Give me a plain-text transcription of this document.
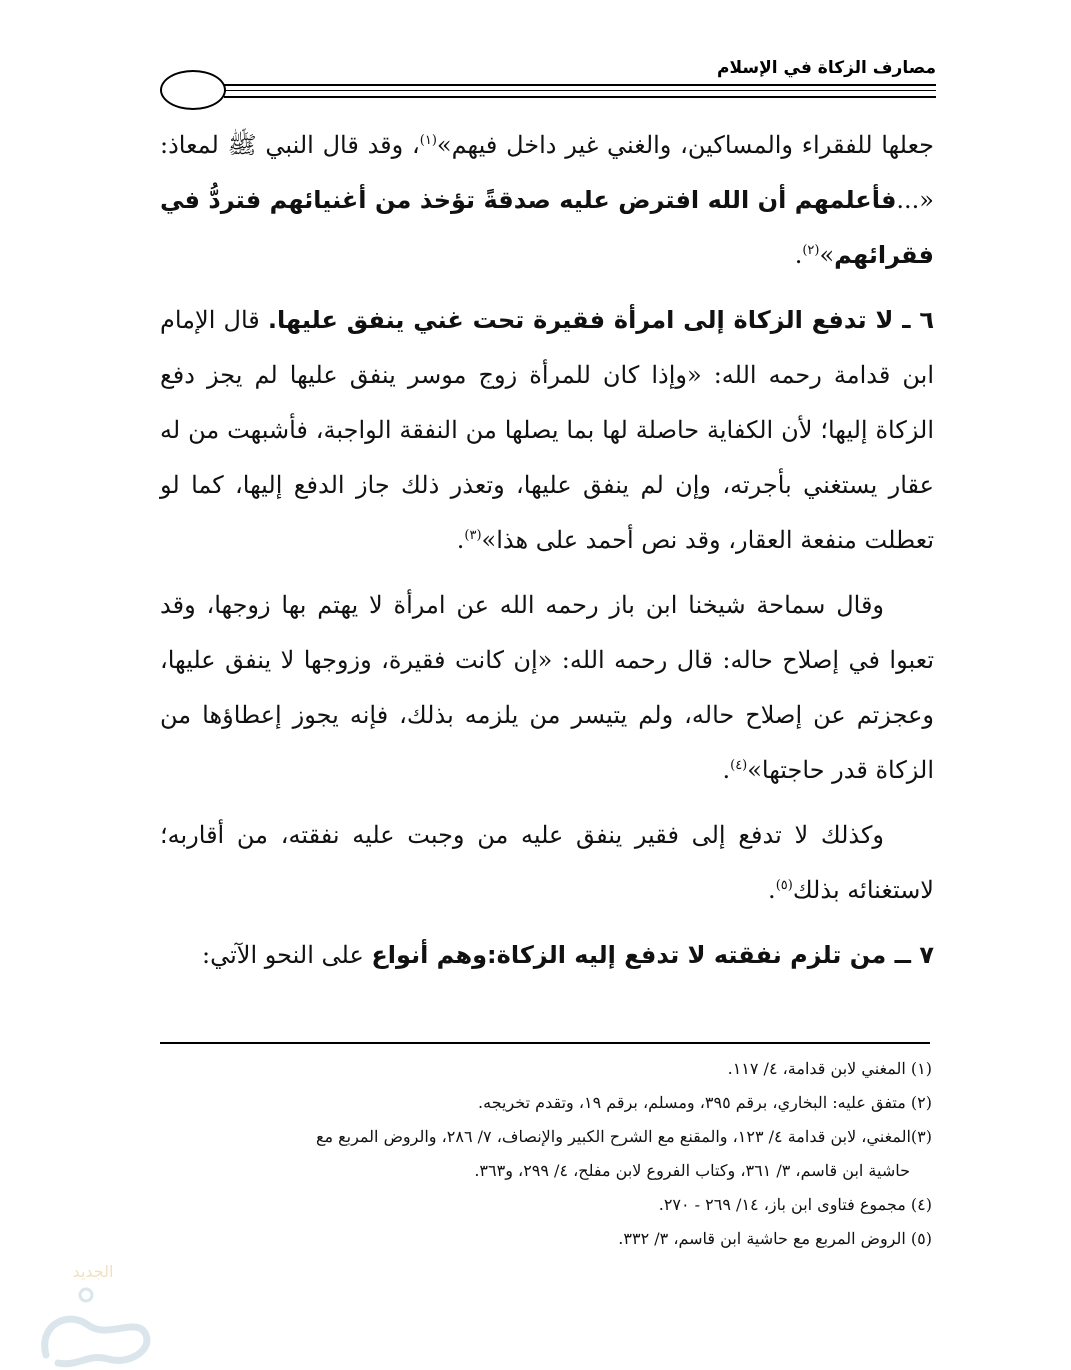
مصارف الزكاة في الإسلام

جعلها للفقراء والمساكين، والغني غير داخل فيهم»$^{(١)}$، وقد قال النبي ﷺ لمعاذ: «...فأعلمهم أن الله افترض عليه صدقةً تؤخذ من أغنيائهم فتردُّ في فقرائهم»$^{(٢)}$.

٦ ـ لا تدفع الزكاة إلى امرأة فقيرة تحت غني ينفق عليها. قال الإمام ابن قدامة رحمه الله: «وإذا كان للمرأة زوج موسر ينفق عليها لم يجز دفع الزكاة إليها؛ لأن الكفاية حاصلة لها بما يصلها من النفقة الواجبة، فأشبهت من له عقار يستغني بأجرته، وإن لم ينفق عليها، وتعذر ذلك جاز الدفع إليها، كما لو تعطلت منفعة العقار، وقد نص أحمد على هذا»$^{(٣)}$.

وقال سماحة شيخنا ابن باز رحمه الله عن امرأة لا يهتم بها زوجها، وقد تعبوا في إصلاح حاله: قال رحمه الله: «إن كانت فقيرة، وزوجها لا ينفق عليها، وعجزتم عن إصلاح حاله، ولم يتيسر من يلزمه بذلك، فإنه يجوز إعطاؤها من الزكاة قدر حاجتها»$^{(٤)}$.

وكذلك لا تدفع إلى فقير ينفق عليه من وجبت عليه نفقته، من أقاربه؛ لاستغنائه بذلك$^{(٥)}$.

٧ ــ من تلزم نفقته لا تدفع إليه الزكاة:وهم أنواع على النحو الآتي:

(١) المغني لابن قدامة، ٤/ ١١٧.

(٢) متفق عليه: البخاري، برقم ٣٩٥، ومسلم، برقم ١٩، وتقدم تخريجه.

(٣)المغني، لابن قدامة ٤/ ١٢٣، والمقنع مع الشرح الكبير والإنصاف، ٧/ ٢٨٦، والروض المربع مع

حاشية ابن قاسم، ٣/ ٣٦١، وكتاب الفروع لابن مفلح، ٤/ ٢٩٩، و٣٦٣.

(٤) مجموع فتاوى ابن باز، ١٤/ ٢٦٩ - ٢٧٠.

(٥) الروض المربع مع حاشية ابن قاسم، ٣/ ٣٣٢.

الجديد
